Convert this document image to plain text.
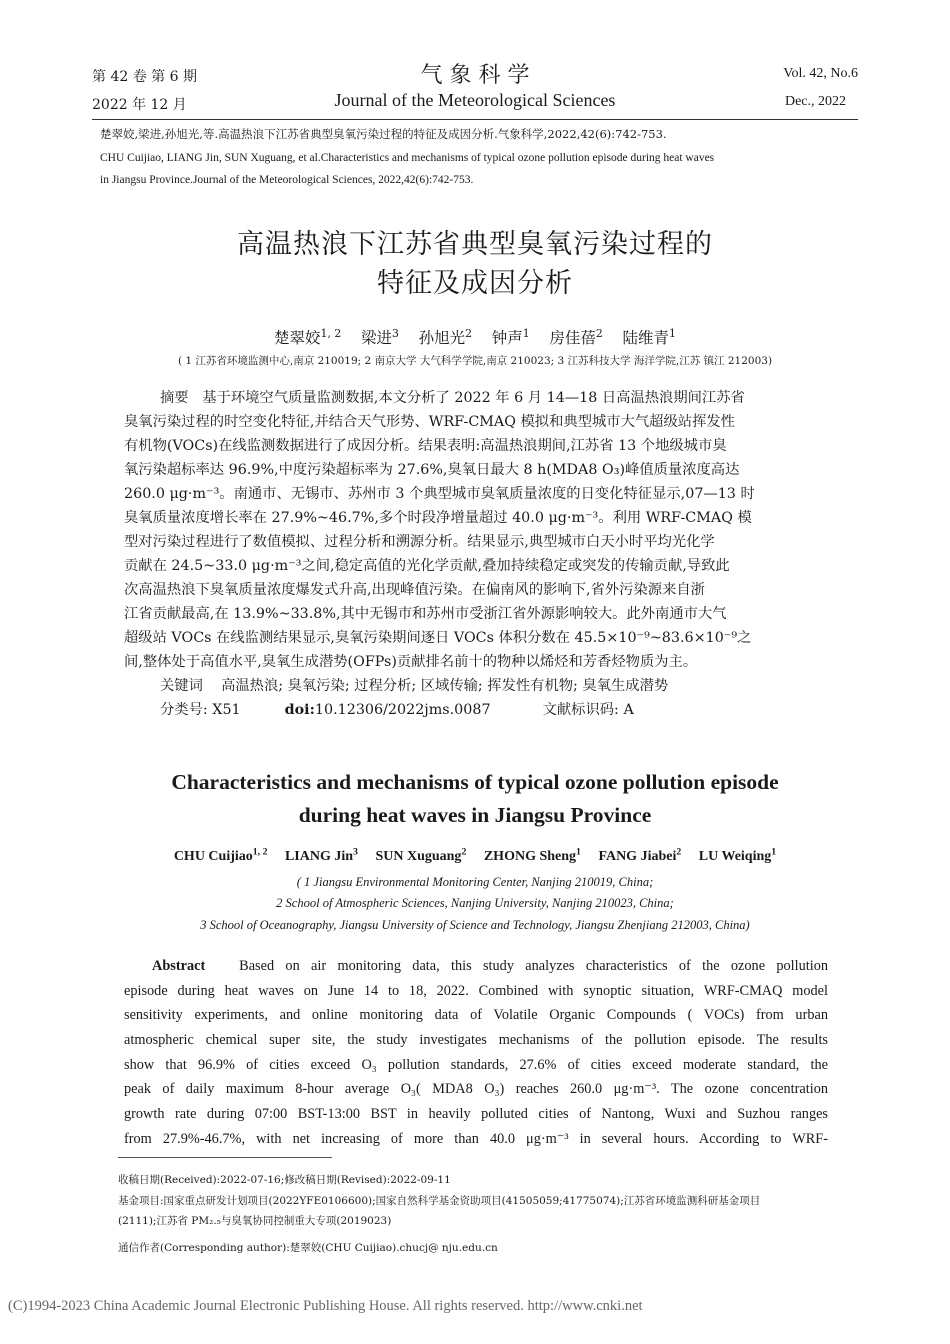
第 42 卷 第 6 期
2022 年 12 月
气 象 科 学
Journal of the Meteorological Sciences
Vol. 42, No.6
Dec., 2022
楚翠姣,梁进,孙旭光,等.高温热浪下江苏省典型臭氧污染过程的特征及成因分析.气象科学,2022,42(6):742-753.
CHU Cuijiao, LIANG Jin, SUN Xuguang, et al.Characteristics and mechanisms of typical ozone pollution episode during heat waves
in Jiangsu Province.Journal of the Meteorological Sciences, 2022,42(6):742-753.
高温热浪下江苏省典型臭氧污染过程的
特征及成因分析
楚翠姣$^{1, 2}$ 梁进$^3$ 孙旭光$^2$ 钟声$^1$ 房佳蓓$^2$ 陆维青$^1$
( 1 江苏省环境监测中心,南京 210019; 2 南京大学 大气科学学院,南京 210023; 3 江苏科技大学 海洋学院,江苏 镇江 212003)
摘要 基于环境空气质量监测数据,本文分析了 2022 年 6 月 14—18 日高温热浪期间江苏省
臭氧污染过程的时空变化特征,并结合天气形势、WRF-CMAQ 模拟和典型城市大气超级站挥发性
有机物(VOCs)在线监测数据进行了成因分析。结果表明:高温热浪期间,江苏省 13 个地级城市臭
氧污染超标率达 96.9%,中度污染超标率为 27.6%,臭氧日最大 8 h(MDA8 O₃)峰值质量浓度高达
260.0 μg·m⁻³。南通市、无锡市、苏州市 3 个典型城市臭氧质量浓度的日变化特征显示,07—13 时
臭氧质量浓度增长率在 27.9%~46.7%,多个时段净增量超过 40.0 μg·m⁻³。利用 WRF-CMAQ 模
型对污染过程进行了数值模拟、过程分析和溯源分析。结果显示,典型城市白天小时平均光化学
贡献在 24.5~33.0 μg·m⁻³之间,稳定高值的光化学贡献,叠加持续稳定或突发的传输贡献,导致此
次高温热浪下臭氧质量浓度爆发式升高,出现峰值污染。在偏南风的影响下,省外污染源来自浙
江省贡献最高,在 13.9%~33.8%,其中无锡市和苏州市受浙江省外源影响较大。此外南通市大气
超级站 VOCs 在线监测结果显示,臭氧污染期间逐日 VOCs 体积分数在 45.5×10⁻⁹~83.6×10⁻⁹之
间,整体处于高值水平,臭氧生成潜势(OFPs)贡献排名前十的物种以烯烃和芳香烃物质为主。
关键词 高温热浪; 臭氧污染; 过程分析; 区域传输; 挥发性有机物; 臭氧生成潜势
分类号: X51	doi:10.12306/2022jms.0087	文献标识码: A
Characteristics and mechanisms of typical ozone pollution episode
during heat waves in Jiangsu Province
CHU Cuijiao$^{1, 2}$ LIANG Jin$^3$ SUN Xuguang$^2$ ZHONG Sheng$^1$ FANG Jiabei$^2$ LU Weiqing$^1$
( 1 Jiangsu Environmental Monitoring Center, Nanjing 210019, China;
2 School of Atmospheric Sciences, Nanjing University, Nanjing 210023, China;
3 School of Oceanography, Jiangsu University of Science and Technology, Jiangsu Zhenjiang 212003, China)
Abstract Based on air monitoring data, this study analyzes characteristics of the ozone pollution
episode during heat waves on June 14 to 18, 2022. Combined with synoptic situation, WRF-CMAQ model
sensitivity experiments, and online monitoring data of Volatile Organic Compounds ( VOCs) from urban
atmospheric chemical super site, the study investigates mechanisms of the pollution episode. The results
show that 96.9% of cities exceed O₃ pollution standards, 27.6% of cities exceed moderate standard, the
peak of daily maximum 8-hour average O₃( MDA8 O₃) reaches 260.0 μg·m⁻³. The ozone concentration
growth rate during 07:00 BST-13:00 BST in heavily polluted cities of Nantong, Wuxi and Suzhou ranges
from 27.9%-46.7%, with net increasing of more than 40.0 μg·m⁻³ in several hours. According to WRF-
收稿日期(Received):2022-07-16;修改稿日期(Revised):2022-09-11
基金项目:国家重点研发计划项目(2022YFE0106600);国家自然科学基金资助项目(41505059;41775074);江苏省环境监测科研基金项目
(2111);江苏省 PM₂.₅与臭氧协同控制重大专项(2019023)
通信作者(Corresponding author):楚翠姣(CHU Cuijiao).chucj@ nju.edu.cn
(C)1994-2023 China Academic Journal Electronic Publishing House. All rights reserved. http://www.cnki.net
